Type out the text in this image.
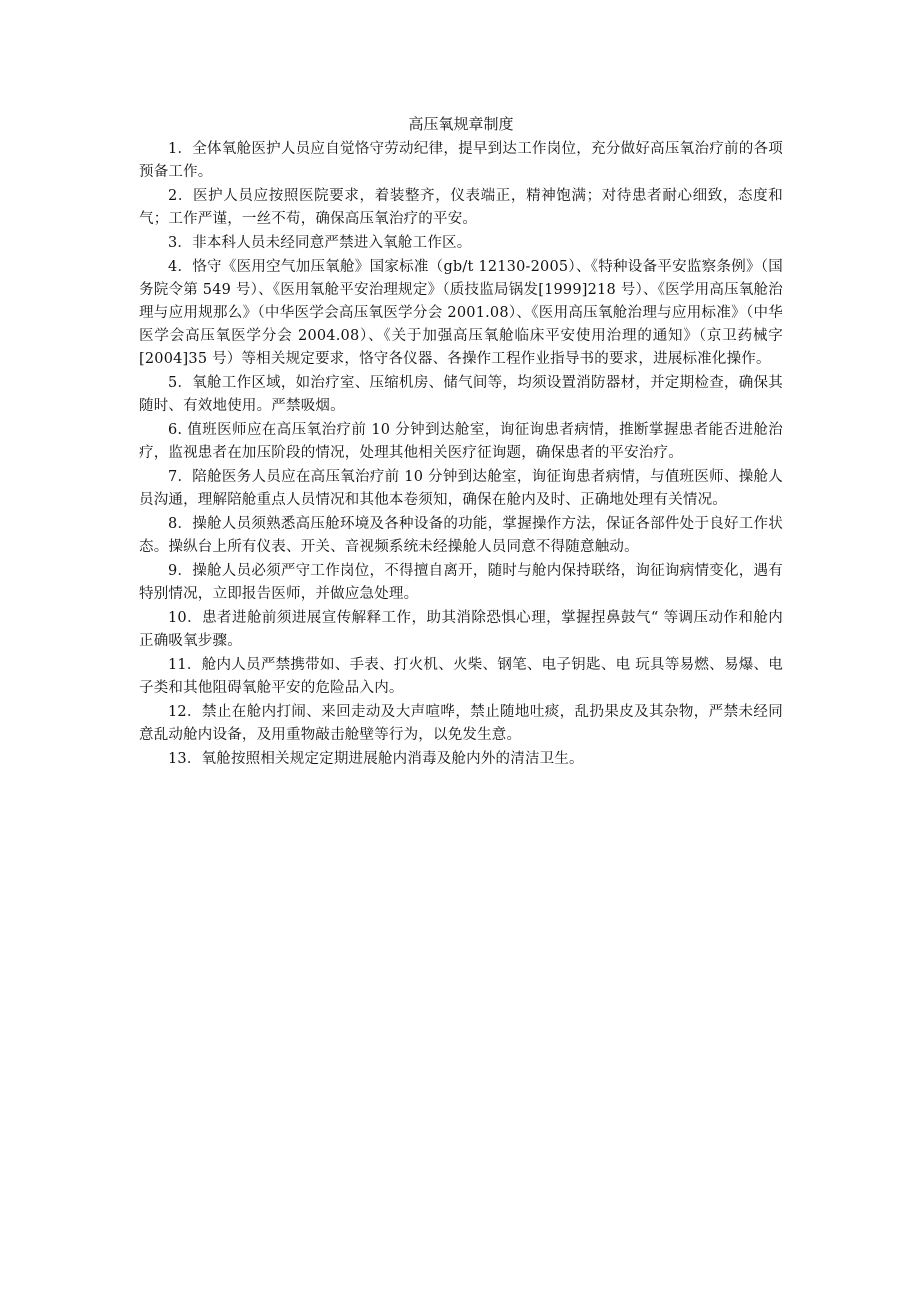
高压氧规章制度

1．全体氧舱医护人员应自觉恪守劳动纪律，提早到达工作岗位，充分做好高压氧治疗前的各项预备工作。

2．医护人员应按照医院要求，着装整齐，仪表端正，精神饱满；对待患者耐心细致，态度和气；工作严谨，一丝不苟，确保高压氧治疗的平安。

3．非本科人员未经同意严禁进入氧舱工作区。

4．恪守《医用空气加压氧舱》国家标准（gb/t 12130-2005）、《特种设备平安监察条例》（国务院令第 549 号）、《医用氧舱平安治理规定》（质技监局锅发[1999]218 号）、《医学用高压氧舱治理与应用规那么》（中华医学会高压氧医学分会 2001.08）、《医用高压氧舱治理与应用标准》（中华医学会高压氧医学分会 2004.08）、《关于加强高压氧舱临床平安使用治理的通知》（京卫药械字[2004]35 号）等相关规定要求，恪守各仪器、各操作工程作业指导书的要求，进展标准化操作。

5．氧舱工作区域，如治疗室、压缩机房、储气间等，均须设置消防器材，并定期检查，确保其随时、有效地使用。严禁吸烟。

6. 值班医师应在高压氧治疗前 10 分钟到达舱室，询征询患者病情，推断掌握患者能否进舱治疗，监视患者在加压阶段的情况，处理其他相关医疗征询题，确保患者的平安治疗。

7．陪舱医务人员应在高压氧治疗前 10 分钟到达舱室，询征询患者病情，与值班医师、操舱人员沟通，理解陪舱重点人员情况和其他本卷须知，确保在舱内及时、正确地处理有关情况。

8．操舱人员须熟悉高压舱环境及各种设备的功能，掌握操作方法，保证各部件处于良好工作状态。操纵台上所有仪表、开关、音视频系统未经操舱人员同意不得随意触动。

9．操舱人员必须严守工作岗位，不得擅自离开，随时与舱内保持联络，询征询病情变化，遇有特别情况，立即报告医师，并做应急处理。

10．患者进舱前须进展宣传解释工作，助其消除恐惧心理，掌握捏鼻鼓气“ 等调压动作和舱内正确吸氧步骤。

11．舱内人员严禁携带如、手表、打火机、火柴、钢笔、电子钥匙、电 玩具等易燃、易爆、电子类和其他阻碍氧舱平安的危险品入内。

12．禁止在舱内打闹、来回走动及大声喧哗，禁止随地吐痰，乱扔果皮及其杂物，严禁未经同意乱动舱内设备，及用重物敲击舱壁等行为，以免发生意。

13．氧舱按照相关规定定期进展舱内消毒及舱内外的清洁卫生。
